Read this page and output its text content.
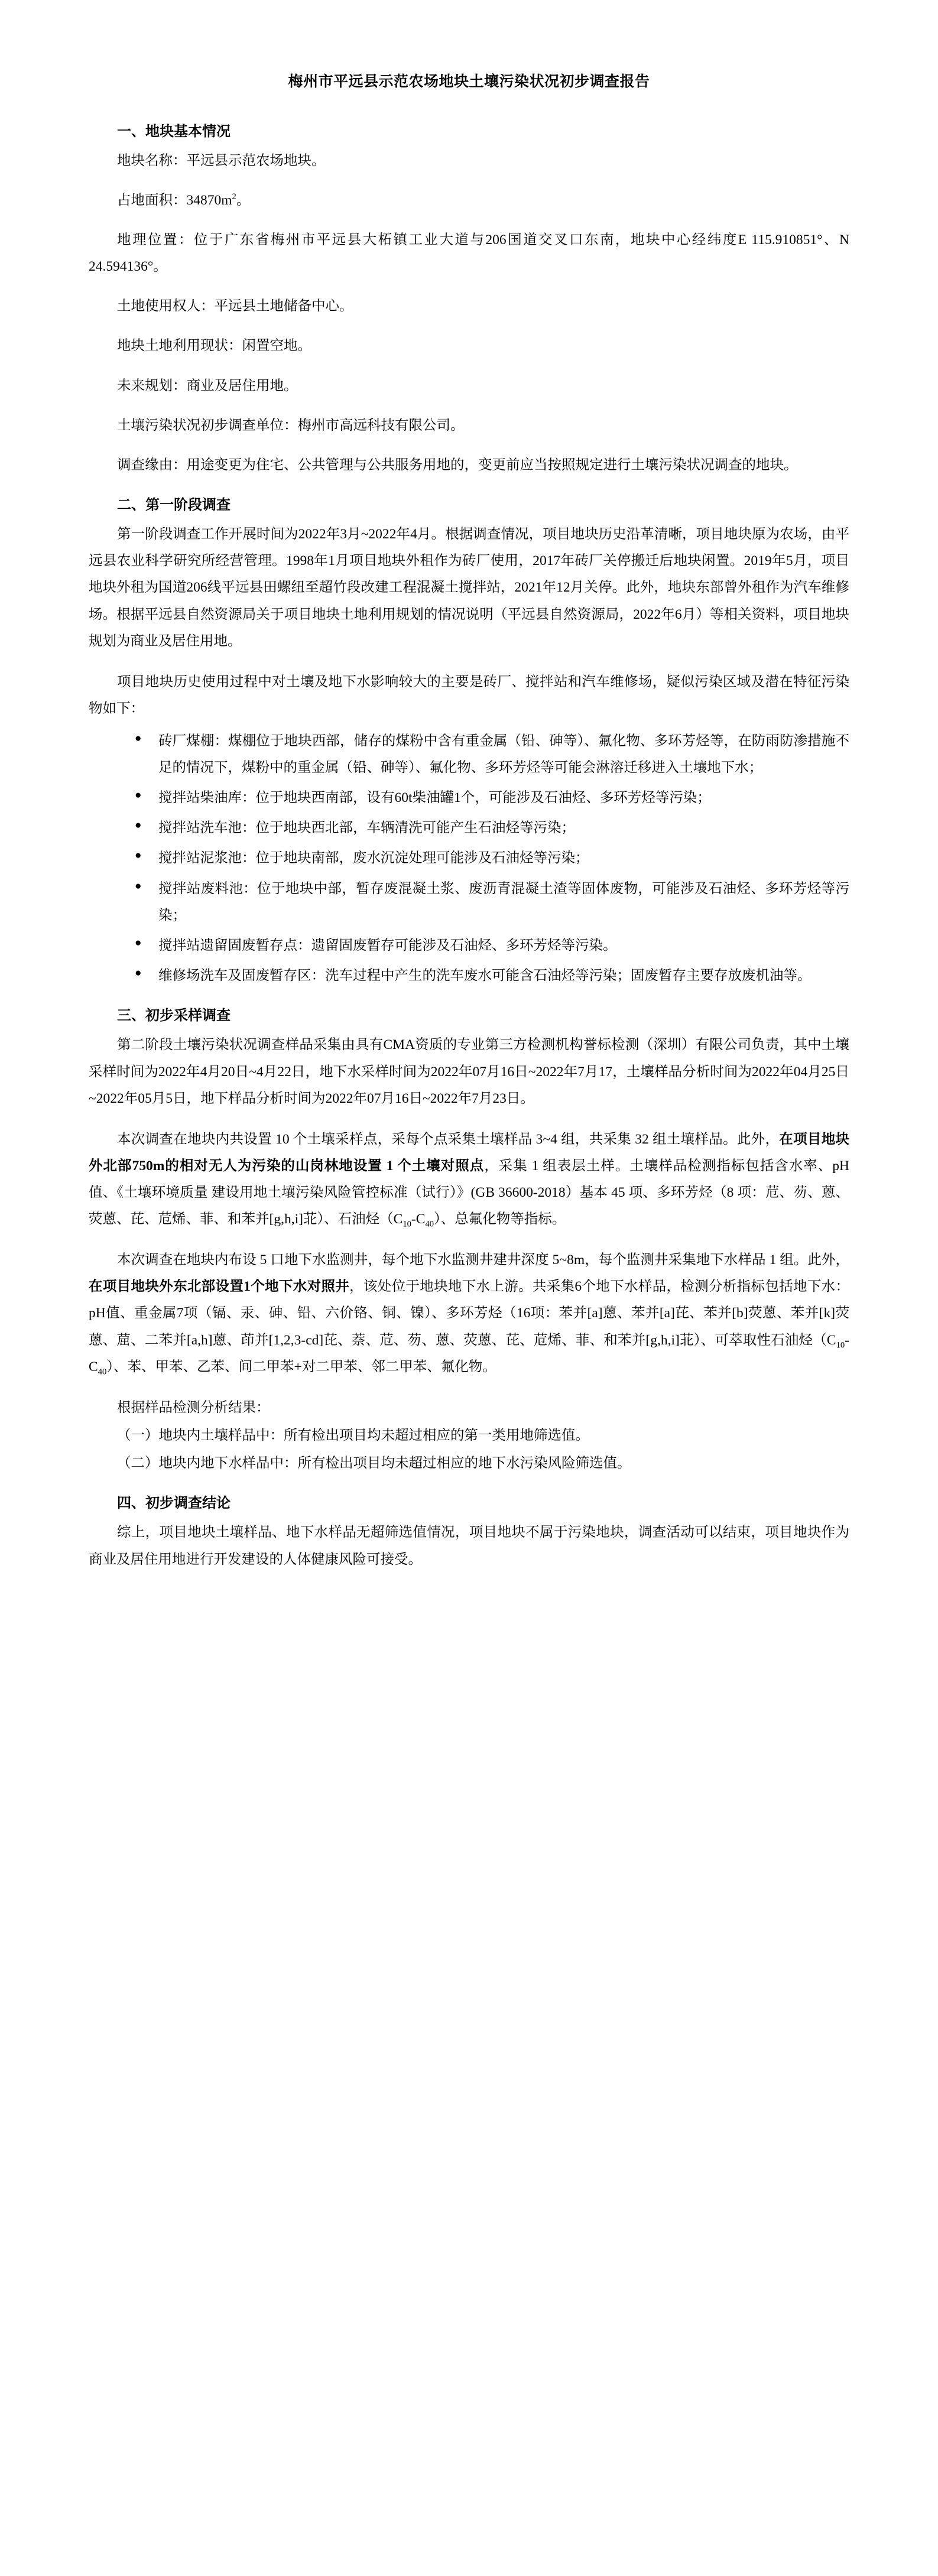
梅州市平远县示范农场地块土壤污染状况初步调查报告
一、地块基本情况

地块名称：平远县示范农场地块。

占地面积：$34870m^2$。

地理位置：位于广东省梅州市平远县大柘镇工业大道与206国道交叉口东南，地块中心经纬度E 115.910851°、N 24.594136°。

土地使用权人：平远县土地储备中心。

地块土地利用现状：闲置空地。

未来规划：商业及居住用地。

土壤污染状况初步调查单位：梅州市高远科技有限公司。

调查缘由：用途变更为住宅、公共管理与公共服务用地的，变更前应当按照规定进行土壤污染状况调查的地块。

二、第一阶段调查

第一阶段调查工作开展时间为2022年3月~2022年4月。根据调查情况，项目地块历史沿革清晰，项目地块原为农场，由平远县农业科学研究所经营管理。1998年1月项目地块外租作为砖厂使用，2017年砖厂关停搬迁后地块闲置。2019年5月，项目地块外租为国道206线平远县田螺纽至超竹段改建工程混凝土搅拌站，2021年12月关停。此外，地块东部曾外租作为汽车维修场。根据平远县自然资源局关于项目地块土地利用规划的情况说明（平远县自然资源局，2022年6月）等相关资料，项目地块规划为商业及居住用地。

项目地块历史使用过程中对土壤及地下水影响较大的主要是砖厂、搅拌站和汽车维修场，疑似污染区域及潜在特征污染物如下：

● 砖厂煤棚：煤棚位于地块西部，储存的煤粉中含有重金属（铅、砷等）、氟化物、多环芳烃等，在防雨防渗措施不足的情况下，煤粉中的重金属（铅、砷等）、氟化物、多环芳烃等可能会淋溶迁移进入土壤地下水；
● 搅拌站柴油库：位于地块西南部，设有60t柴油罐1个，可能涉及石油烃、多环芳烃等污染；
● 搅拌站洗车池：位于地块西北部，车辆清洗可能产生石油烃等污染；
● 搅拌站泥浆池：位于地块南部，废水沉淀处理可能涉及石油烃等污染；
● 搅拌站废料池：位于地块中部，暂存废混凝土浆、废沥青混凝土渣等固体废物，可能涉及石油烃、多环芳烃等污染；
● 搅拌站遗留固废暂存点：遗留固废暂存可能涉及石油烃、多环芳烃等污染。
● 维修场洗车及固废暂存区：洗车过程中产生的洗车废水可能含石油烃等污染；固废暂存主要存放废机油等。
三、初步采样调查

第二阶段土壤污染状况调查样品采集由具有CMA资质的专业第三方检测机构誉标检测（深圳）有限公司负责，其中土壤采样时间为2022年4月20日~4月22日，地下水采样时间为2022年07月16日~2022年7月17，土壤样品分析时间为2022年04月25日~2022年05月5日，地下样品分析时间为2022年07月16日~2022年7月23日。

本次调查在地块内共设置 10 个土壤采样点，采每个点采集土壤样品 3~4 组，共采集 32 组土壤样品。此外，在项目地块外北部750m的相对无人为污染的山岗林地设置 1 个土壤对照点，采集 1 组表层土样。土壤样品检测指标包括含水率、pH 值、《土壤环境质量 建设用地土壤污染风险管控标准（试行）》(GB 36600-2018）基本 45 项、多环芳烃（8 项：苊、芴、蒽、荧蒽、芘、苊烯、菲、和苯并[g,h,i]苝）、石油烃$(C_{10}-C_{40})$、总氟化物等指标。

本次调查在地块内布设 5 口地下水监测井，每个地下水监测井建井深度 5~8m，每个监测井采集地下水样品 1 组。此外，在项目地块外东北部设置1个地下水对照井，该处位于地块地下水上游。共采集6个地下水样品，检测分析指标包括地下水：pH值、重金属7项（镉、汞、砷、铅、六价铬、铜、镍）、多环芳烃（16项：苯并[a]蒽、苯并[a]芘、苯并[b]荧蒽、苯并[k]荧蒽、䓛、二苯并[a,h]蒽、茚并[1,2,3-cd]芘、萘、苊、芴、蒽、荧蒽、芘、苊烯、菲、和苯并[g,h,i]苝）、可萃取性石油烃$(C_{10}-C_{40})$、苯、甲苯、乙苯、间二甲苯+对二甲苯、邻二甲苯、氟化物。

根据样品检测分析结果：

（一）地块内土壤样品中：所有检出项目均未超过相应的第一类用地筛选值。

（二）地块内地下水样品中：所有检出项目均未超过相应的地下水污染风险筛选值。

四、初步调查结论

综上，项目地块土壤样品、地下水样品无超筛选值情况，项目地块不属于污染地块，调查活动可以结束，项目地块作为商业及居住用地进行开发建设的人体健康风险可接受。
